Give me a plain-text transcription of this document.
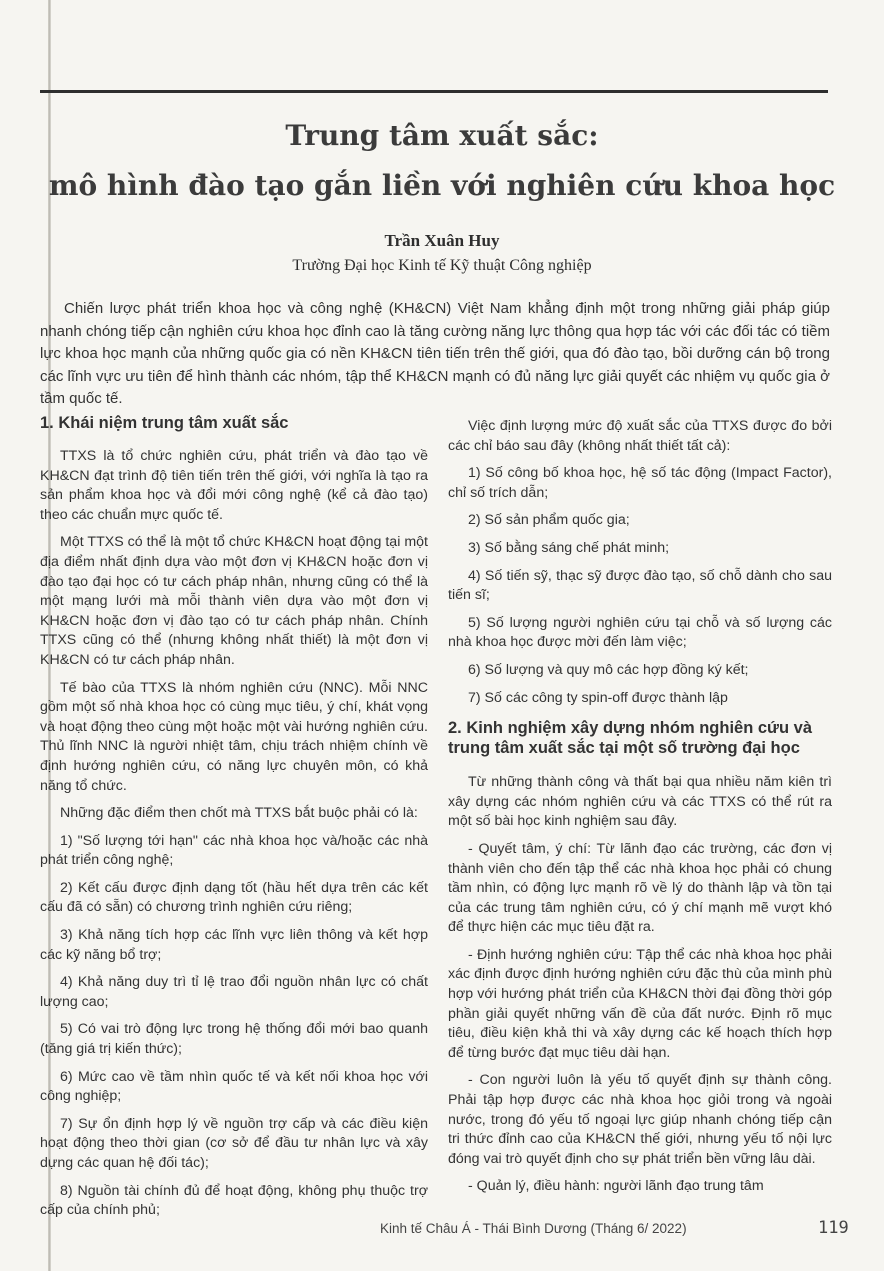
Trung tâm xuất sắc:
mô hình đào tạo gắn liền với nghiên cứu khoa học
Trần Xuân Huy
Trường Đại học Kinh tế Kỹ thuật Công nghiệp

Chiến lược phát triển khoa học và công nghệ (KH&CN) Việt Nam khẳng định một trong những giải pháp giúp nhanh chóng tiếp cận nghiên cứu khoa học đỉnh cao là tăng cường năng lực thông qua hợp tác với các đối tác có tiềm lực khoa học mạnh của những quốc gia có nền KH&CN tiên tiến trên thế giới, qua đó đào tạo, bồi dưỡng cán bộ trong các lĩnh vực ưu tiên để hình thành các nhóm, tập thể KH&CN mạnh có đủ năng lực giải quyết các nhiệm vụ quốc gia ở tầm quốc tế.

1. Khái niệm trung tâm xuất sắc

TTXS là tổ chức nghiên cứu, phát triển và đào tạo về KH&CN đạt trình độ tiên tiến trên thế giới, với nghĩa là tạo ra sản phẩm khoa học và đổi mới công nghệ (kể cả đào tạo) theo các chuẩn mực quốc tế.

Một TTXS có thể là một tổ chức KH&CN hoạt động tại một địa điểm nhất định dựa vào một đơn vị KH&CN hoặc đơn vị đào tạo đại học có tư cách pháp nhân, nhưng cũng có thể là một mạng lưới mà mỗi thành viên dựa vào một đơn vị KH&CN hoặc đơn vị đào tạo có tư cách pháp nhân. Chính TTXS cũng có thể (nhưng không nhất thiết) là một đơn vị KH&CN có tư cách pháp nhân.

Tế bào của TTXS là nhóm nghiên cứu (NNC). Mỗi NNC gồm một số nhà khoa học có cùng mục tiêu, ý chí, khát vọng và hoạt động theo cùng một hoặc một vài hướng nghiên cứu. Thủ lĩnh NNC là người nhiệt tâm, chịu trách nhiệm chính về định hướng nghiên cứu, có năng lực chuyên môn, có khả năng tổ chức.

Những đặc điểm then chốt mà TTXS bắt buộc phải có là:

1) "Số lượng tới hạn" các nhà khoa học và/hoặc các nhà phát triển công nghệ;

2) Kết cấu được định dạng tốt (hầu hết dựa trên các kết cấu đã có sẵn) có chương trình nghiên cứu riêng;

3) Khả năng tích hợp các lĩnh vực liên thông và kết hợp các kỹ năng bổ trợ;

4) Khả năng duy trì tỉ lệ trao đổi nguồn nhân lực có chất lượng cao;

5) Có vai trò động lực trong hệ thống đổi mới bao quanh (tăng giá trị kiến thức);

6) Mức cao về tầm nhìn quốc tế và kết nối khoa học với công nghiệp;

7) Sự ổn định hợp lý về nguồn trợ cấp và các điều kiện hoạt động theo thời gian (cơ sở để đầu tư nhân lực và xây dựng các quan hệ đối tác);

8) Nguồn tài chính đủ để hoạt động, không phụ thuộc trợ cấp của chính phủ;

Việc định lượng mức độ xuất sắc của TTXS được đo bởi các chỉ báo sau đây (không nhất thiết tất cả):

1) Số công bố khoa học, hệ số tác động (Impact Factor), chỉ số trích dẫn;

2) Số sản phẩm quốc gia;

3) Số bằng sáng chế phát minh;

4) Số tiến sỹ, thạc sỹ được đào tạo, số chỗ dành cho sau tiến sĩ;

5) Số lượng người nghiên cứu tại chỗ và số lượng các nhà khoa học được mời đến làm việc;

6) Số lượng và quy mô các hợp đồng ký kết;

7) Số các công ty spin-off được thành lập

2. Kinh nghiệm xây dựng nhóm nghiên cứu và trung tâm xuất sắc tại một số trường đại học

Từ những thành công và thất bại qua nhiều năm kiên trì xây dựng các nhóm nghiên cứu và các TTXS có thể rút ra một số bài học kinh nghiệm sau đây.

- Quyết tâm, ý chí: Từ lãnh đạo các trường, các đơn vị thành viên cho đến tập thể các nhà khoa học phải có chung tầm nhìn, có động lực mạnh rõ về lý do thành lập và tồn tại của các trung tâm nghiên cứu, có ý chí mạnh mẽ vượt khó để thực hiện các mục tiêu đặt ra.

- Định hướng nghiên cứu: Tập thể các nhà khoa học phải xác định được định hướng nghiên cứu đặc thù của mình phù hợp với hướng phát triển của KH&CN thời đại đồng thời góp phần giải quyết những vấn đề của đất nước. Định rõ mục tiêu, điều kiện khả thi và xây dựng các kế hoạch thích hợp để từng bước đạt mục tiêu dài hạn.

- Con người luôn là yếu tố quyết định sự thành công. Phải tập hợp được các nhà khoa học giỏi trong và ngoài nước, trong đó yếu tố ngoại lực giúp nhanh chóng tiếp cận tri thức đỉnh cao của KH&CN thế giới, nhưng yếu tố nội lực đóng vai trò quyết định cho sự phát triển bền vững lâu dài.

- Quản lý, điều hành: người lãnh đạo trung tâm

Kinh tế Châu Á - Thái Bình Dương (Tháng 6/ 2022)	119
